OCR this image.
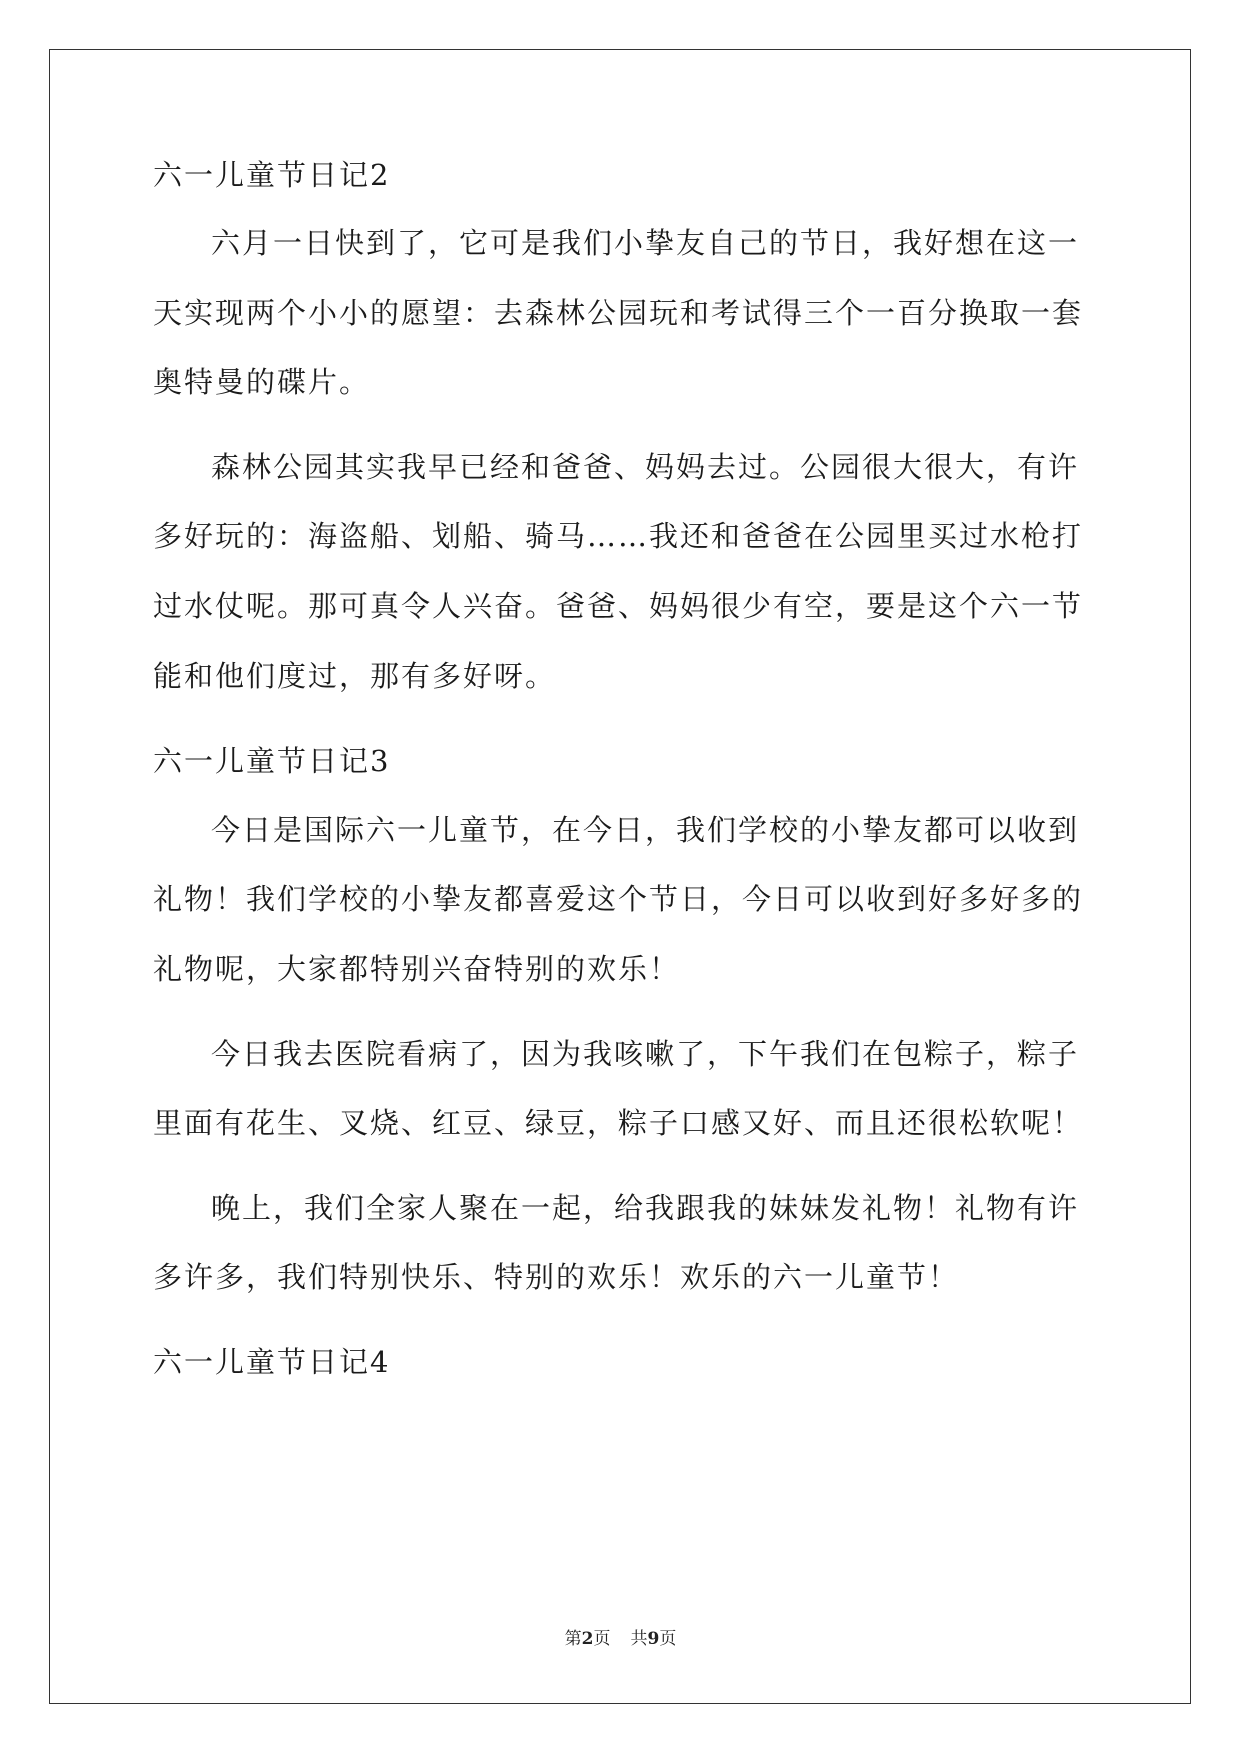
六一儿童节日记2
六月一日快到了，它可是我们小挚友自己的节日，我好想在这一
天实现两个小小的愿望：去森林公园玩和考试得三个一百分换取一套
奥特曼的碟片。
森林公园其实我早已经和爸爸、妈妈去过。公园很大很大，有许
多好玩的：海盗船、划船、骑马……我还和爸爸在公园里买过水枪打
过水仗呢。那可真令人兴奋。爸爸、妈妈很少有空，要是这个六一节
能和他们度过，那有多好呀。
六一儿童节日记3
今日是国际六一儿童节，在今日，我们学校的小挚友都可以收到
礼物！我们学校的小挚友都喜爱这个节日，今日可以收到好多好多的
礼物呢，大家都特别兴奋特别的欢乐！
今日我去医院看病了，因为我咳嗽了，下午我们在包粽子，粽子
里面有花生、叉烧、红豆、绿豆，粽子口感又好、而且还很松软呢！
晚上，我们全家人聚在一起，给我跟我的妹妹发礼物！礼物有许
多许多，我们特别快乐、特别的欢乐！欢乐的六一儿童节！
六一儿童节日记4
第2页 共9页
